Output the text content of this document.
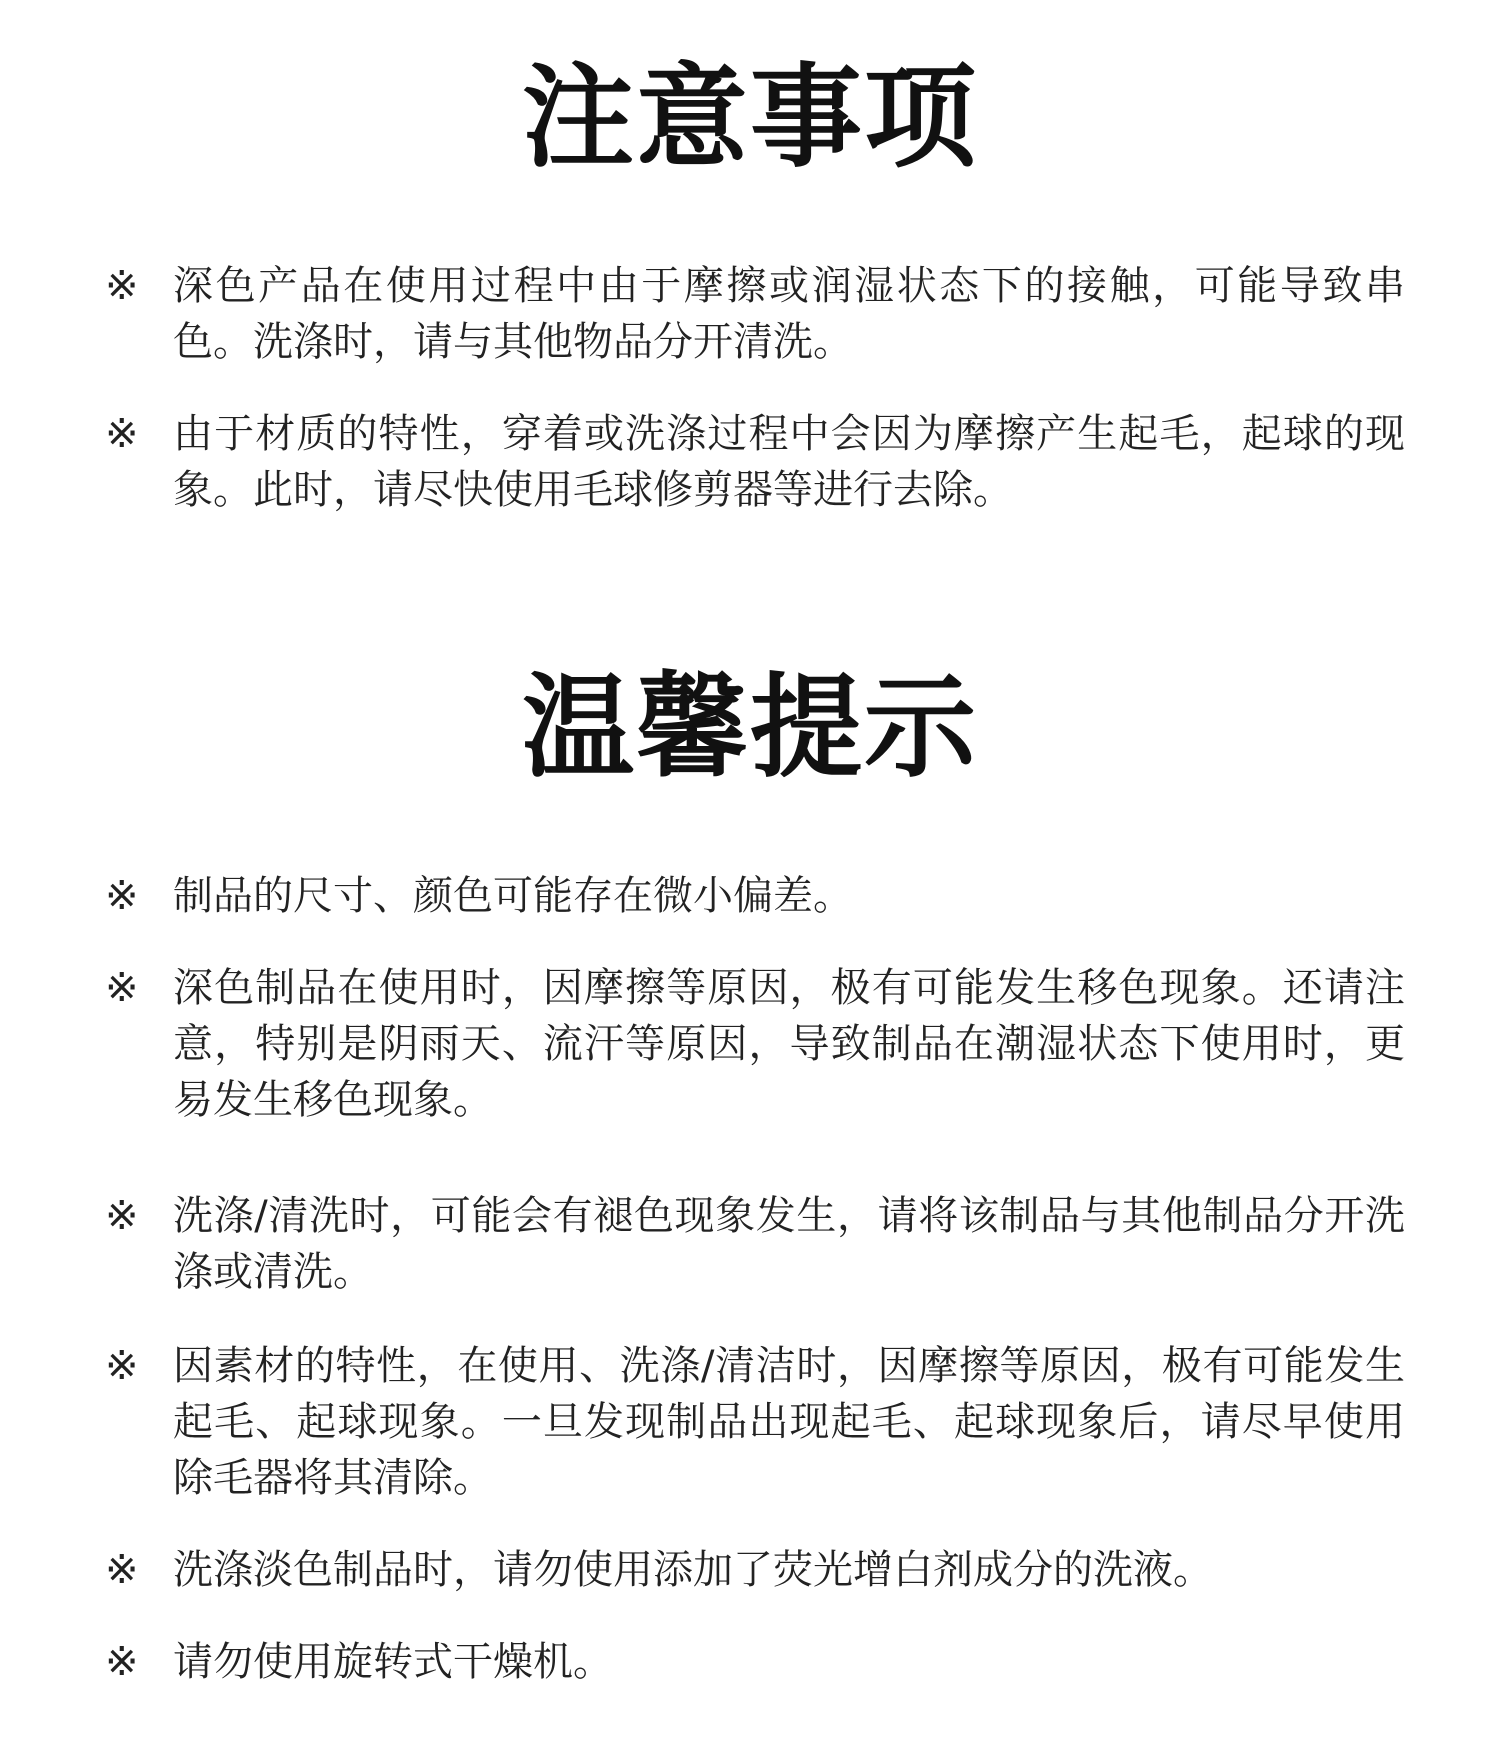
注意事项
※ 深色产品在使用过程中由于摩擦或润湿状态下的接触，可能导致串色。洗涤时，请与其他物品分开清洗。
※ 由于材质的特性，穿着或洗涤过程中会因为摩擦产生起毛，起球的现象。此时，请尽快使用毛球修剪器等进行去除。
温馨提示
※ 制品的尺寸、颜色可能存在微小偏差。
※ 深色制品在使用时，因摩擦等原因，极有可能发生移色现象。还请注意，特别是阴雨天、流汗等原因，导致制品在潮湿状态下使用时，更易发生移色现象。
※ 洗涤/清洗时，可能会有褪色现象发生，请将该制品与其他制品分开洗涤或清洗。
※ 因素材的特性，在使用、洗涤/清洁时，因摩擦等原因，极有可能发生起毛、起球现象。一旦发现制品出现起毛、起球现象后，请尽早使用除毛器将其清除。
※ 洗涤淡色制品时，请勿使用添加了荧光增白剂成分的洗液。
※ 请勿使用旋转式干燥机。
